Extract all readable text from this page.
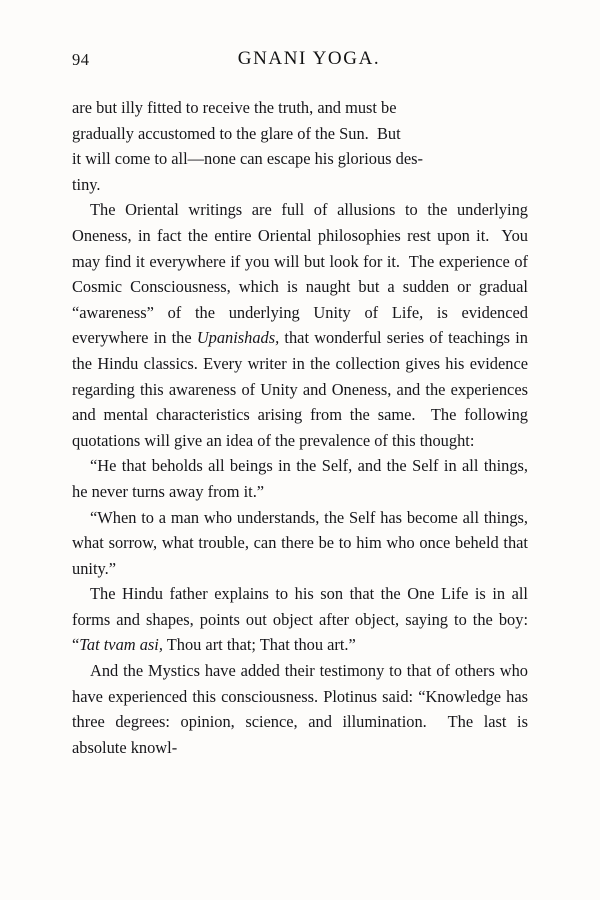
94	GNANI YOGA.

are but illy fitted to receive the truth, and must be
gradually accustomed to the glare of the Sun.  But
it will come to all—none can escape his glorious des-
tiny.

The Oriental writings are full of allusions to the underlying Oneness, in fact the entire Oriental philosophies rest upon it.  You may find it everywhere if you will but look for it.  The experience of Cosmic Consciousness, which is naught but a sudden or gradual “awareness” of the underlying Unity of Life, is evidenced everywhere in the Upanishads, that wonderful series of teachings in the Hindu classics. Every writer in the collection gives his evidence regarding this awareness of Unity and Oneness, and the experiences and mental characteristics arising from the same.  The following quotations will give an idea of the prevalence of this thought:

“He that beholds all beings in the Self, and the Self in all things, he never turns away from it.”

“When to a man who understands, the Self has become all things, what sorrow, what trouble, can there be to him who once beheld that unity.”

The Hindu father explains to his son that the One Life is in all forms and shapes, points out object after object, saying to the boy: “Tat tvam asi, Thou art that; That thou art.”

And the Mystics have added their testimony to that of others who have experienced this consciousness. Plotinus said: “Knowledge has three degrees: opinion, science, and illumination.  The last is absolute knowl-
